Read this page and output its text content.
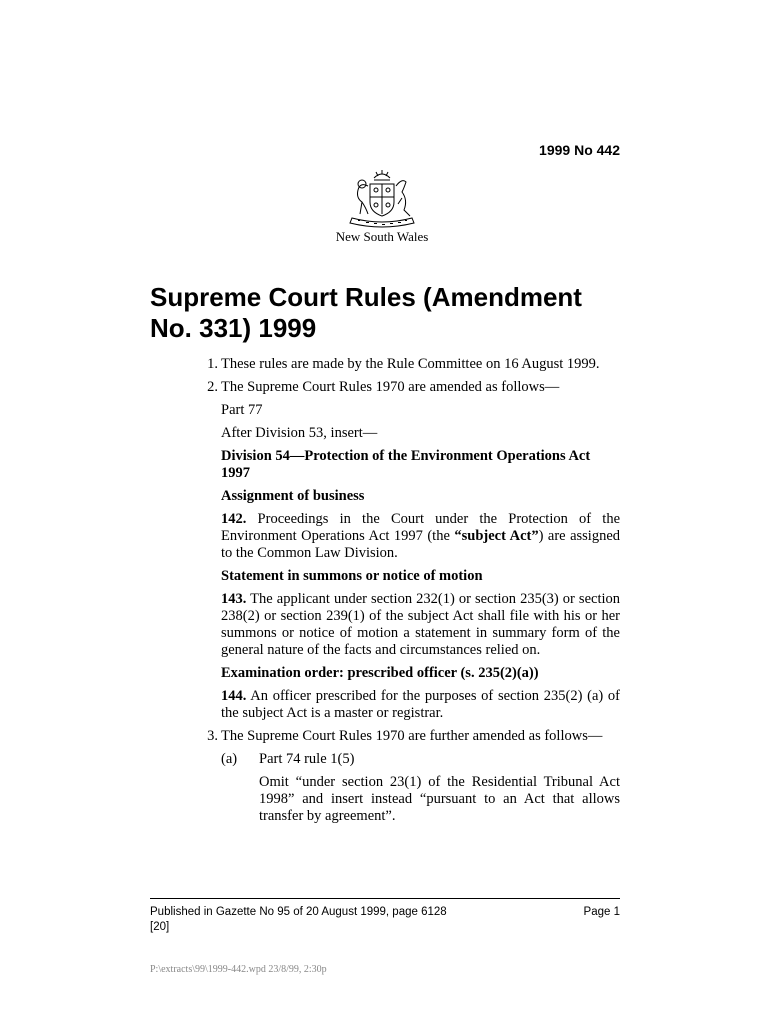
1999 No 442
New South Wales
Supreme Court Rules (Amendment
No. 331) 1999
1. These rules are made by the Rule Committee on 16 August 1999.
2. The Supreme Court Rules 1970 are amended as follows—
Part 77
After Division 53, insert—
Division 54—Protection of the Environment Operations Act 1997
Assignment of business
142. Proceedings in the Court under the Protection of the Environment Operations Act 1997 (the “subject Act”) are assigned to the Common Law Division.
Statement in summons or notice of motion
143. The applicant under section 232(1) or section 235(3) or section 238(2) or section 239(1) of the subject Act shall file with his or her summons or notice of motion a statement in summary form of the general nature of the facts and circumstances relied on.
Examination order: prescribed officer (s. 235(2)(a))
144. An officer prescribed for the purposes of section 235(2) (a) of the subject Act is a master or registrar.
3. The Supreme Court Rules 1970 are further amended as follows—
(a) Part 74 rule 1(5)
Omit “under section 23(1) of the Residential Tribunal Act 1998” and insert instead “pursuant to an Act that allows transfer by agreement”.
Published in Gazette No 95 of 20 August 1999, page 6128
[20]
Page 1
P:\extracts\99\1999-442.wpd 23/8/99, 2:30p
